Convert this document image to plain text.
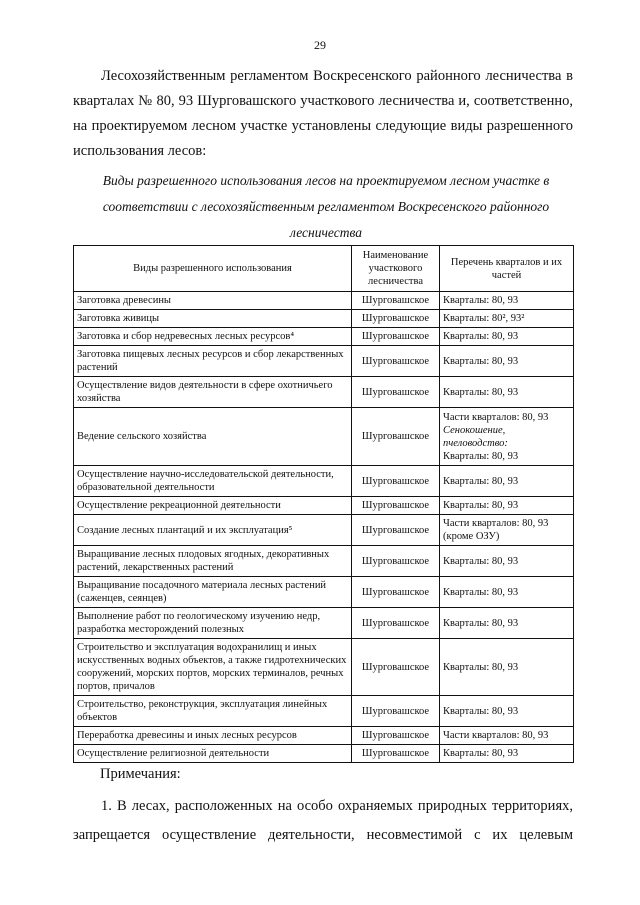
29

Лесохозяйственным регламентом Воскресенского районного лесничества в кварталах № 80, 93 Шурговашского участкового лесничества и, соответственно, на проектируемом лесном участке установлены следующие виды разрешенного использования лесов:

Виды разрешенного использования лесов на проектируемом лесном участке в соответствии с лесохозяйственным регламентом Воскресенского районного лесничества
Виды разрешенного использования	Наименование участкового лесничества	Перечень кварталов и их частей
Заготовка древесины	Шурговашское	Кварталы: 80, 93
Заготовка живицы	Шурговашское	Кварталы: 80², 93²
Заготовка и сбор недревесных лесных ресурсов⁴	Шурговашское	Кварталы: 80, 93
Заготовка пищевых лесных ресурсов и сбор лекарственных растений	Шурговашское	Кварталы: 80, 93
Осуществление видов деятельности в сфере охотничьего хозяйства	Шурговашское	Кварталы: 80, 93
Ведение сельского хозяйства	Шурговашское	Части кварталов: 80, 93
Сенокошение, пчеловодство:
Кварталы: 80, 93

Осуществление научно-исследовательской деятельности, образовательной деятельности	Шурговашское	Кварталы: 80, 93
Осуществление рекреационной деятельности	Шурговашское	Кварталы: 80, 93
Создание лесных плантаций и их эксплуатация⁵	Шурговашское	Части кварталов: 80, 93 (кроме ОЗУ)
Выращивание лесных плодовых ягодных, декоративных растений, лекарственных растений	Шурговашское	Кварталы: 80, 93
Выращивание посадочного материала лесных растений (саженцев, сеянцев)	Шурговашское	Кварталы: 80, 93
Выполнение работ по геологическому изучению недр, разработка месторождений полезных	Шурговашское	Кварталы: 80, 93
Строительство и эксплуатация водохранилищ и иных искусственных водных объектов, а также гидротехнических сооружений, морских портов, морских терминалов, речных портов, причалов	Шурговашское	Кварталы: 80, 93
Строительство, реконструкция, эксплуатация линейных объектов	Шурговашское	Кварталы: 80, 93
Переработка древесины и иных лесных ресурсов	Шурговашское	Части кварталов: 80, 93
Осуществление религиозной деятельности	Шурговашское	Кварталы: 80, 93
Примечания:

1. В лесах, расположенных на особо охраняемых природных территориях,

запрещается осуществление деятельности, несовместимой с их целевым
